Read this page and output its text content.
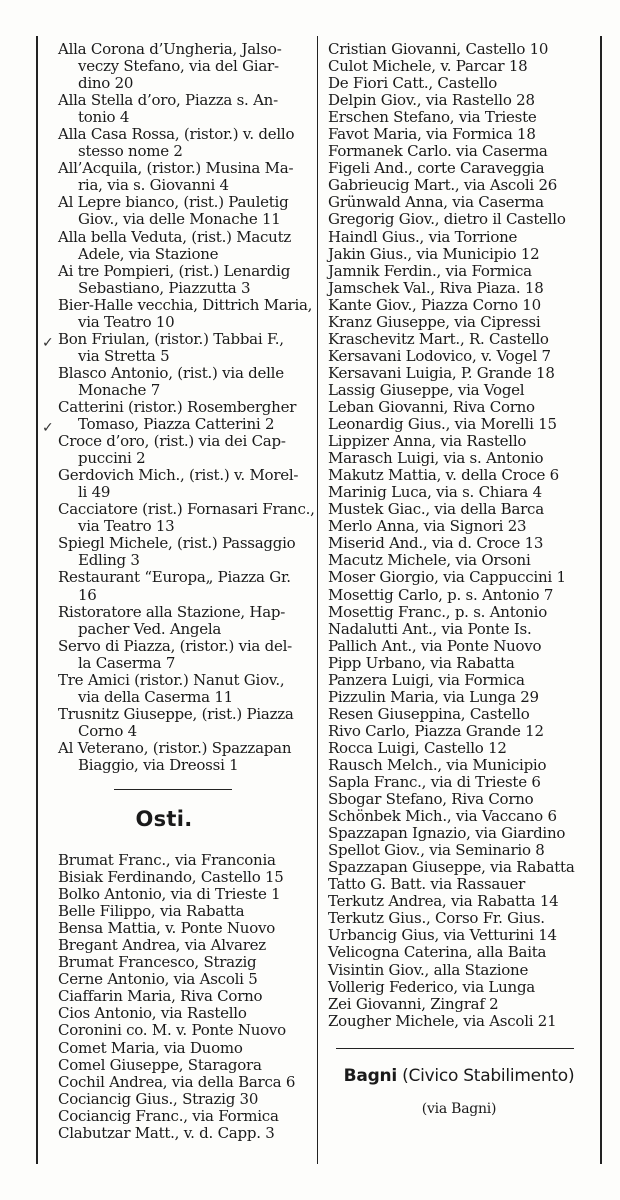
✓
✓
Alla Corona d’Ungheria, Jalso-
veczy Stefano, via del Giar-
dino 20
Alla Stella d’oro, Piazza s. An-
tonio 4
Alla Casa Rossa, (ristor.) v. dello
stesso nome 2
All’Acquila, (ristor.) Musina Ma-
ria, via s. Giovanni 4
Al Lepre bianco, (rist.) Pauletig
Giov., via delle Monache 11
Alla bella Veduta, (rist.) Macutz
Adele, via Stazione
Ai tre Pompieri, (rist.) Lenardig
Sebastiano, Piazzutta 3
Bier-Halle vecchia, Dittrich Maria,
via Teatro 10
Bon Friulan, (ristor.) Tabbai F.,
via Stretta 5
Blasco Antonio, (rist.) via delle
Monache 7
Catterini (ristor.) Rosembergher
Tomaso, Piazza Catterini 2
Croce d’oro, (rist.) via dei Cap-
puccini 2
Gerdovich Mich., (rist.) v. Morel-
li 49
Cacciatore (rist.) Fornasari Franc.,
via Teatro 13
Spiegl Michele, (rist.) Passaggio
Edling 3
Restaurant “Europa„ Piazza Gr.
16
Ristoratore alla Stazione, Hap-
pacher Ved. Angela
Servo di Piazza, (ristor.) via del-
la Caserma 7
Tre Amici (ristor.) Nanut Giov.,
via della Caserma 11
Trusnitz Giuseppe, (rist.) Piazza
Corno 4
Al Veterano, (ristor.) Spazzapan
Biaggio, via Dreossi 1
Osti.
Brumat Franc., via Franconia
Bisiak Ferdinando, Castello 15
Bolko Antonio, via di Trieste 1
Belle Filippo, via Rabatta
Bensa Mattia, v. Ponte Nuovo
Bregant Andrea, via Alvarez
Brumat Francesco, Strazig
Cerne Antonio, via Ascoli 5
Ciaffarin Maria, Riva Corno
Cios Antonio, via Rastello
Coronini co. M. v. Ponte Nuovo
Comet Maria, via Duomo
Comel Giuseppe, Staragora
Cochil Andrea, via della Barca 6
Cociancig Gius., Strazig 30
Cociancig Franc., via Formica
Clabutzar Matt., v. d. Capp. 3
Cristian Giovanni, Castello 10
Culot Michele, v. Parcar 18
De Fiori Catt., Castello
Delpin Giov., via Rastello 28
Erschen Stefano, via Trieste
Favot Maria, via Formica 18
Formanek Carlo. via Caserma
Figeli And., corte Caraveggia
Gabrieucig Mart., via Ascoli 26
Grünwald Anna, via Caserma
Gregorig Giov., dietro il Castello
Haindl Gius., via Torrione
Jakin Gius., via Municipio 12
Jamnik Ferdin., via Formica
Jamschek Val., Riva Piaza. 18
Kante Giov., Piazza Corno 10
Kranz Giuseppe, via Cipressi
Kraschevitz Mart., R. Castello
Kersavani Lodovico, v. Vogel 7
Kersavani Luigia, P. Grande 18
Lassig Giuseppe, via Vogel
Leban Giovanni, Riva Corno
Leonardig Gius., via Morelli 15
Lippizer Anna, via Rastello
Marasch Luigi, via s. Antonio
Makutz Mattia, v. della Croce 6
Marinig Luca, via s. Chiara 4
Mustek Giac., via della Barca
Merlo Anna, via Signori 23
Miserid And., via d. Croce 13
Macutz Michele, via Orsoni
Moser Giorgio, via Cappuccini 1
Mosettig Carlo, p. s. Antonio 7
Mosettig Franc., p. s. Antonio
Nadalutti Ant., via Ponte Is.
Pallich Ant., via Ponte Nuovo
Pipp Urbano, via Rabatta
Panzera Luigi, via Formica
Pizzulin Maria, via Lunga 29
Resen Giuseppina, Castello
Rivo Carlo, Piazza Grande 12
Rocca Luigi, Castello 12
Rausch Melch., via Municipio
Sapla Franc., via di Trieste 6
Sbogar Stefano, Riva Corno
Schönbek Mich., via Vaccano 6
Spazzapan Ignazio, via Giardino
Spellot Giov., via Seminario 8
Spazzapan Giuseppe, via Rabatta
Tatto G. Batt. via Rassauer
Terkutz Andrea, via Rabatta 14
Terkutz Gius., Corso Fr. Gius.
Urbancig Gius, via Vetturini 14
Velicogna Caterina, alla Baita
Visintin Giov., alla Stazione
Vollerig Federico, via Lunga
Zei Giovanni, Zingraf 2
Zougher Michele, via Ascoli 21
Bagni (Civico Stabilimento)
(via Bagni)
